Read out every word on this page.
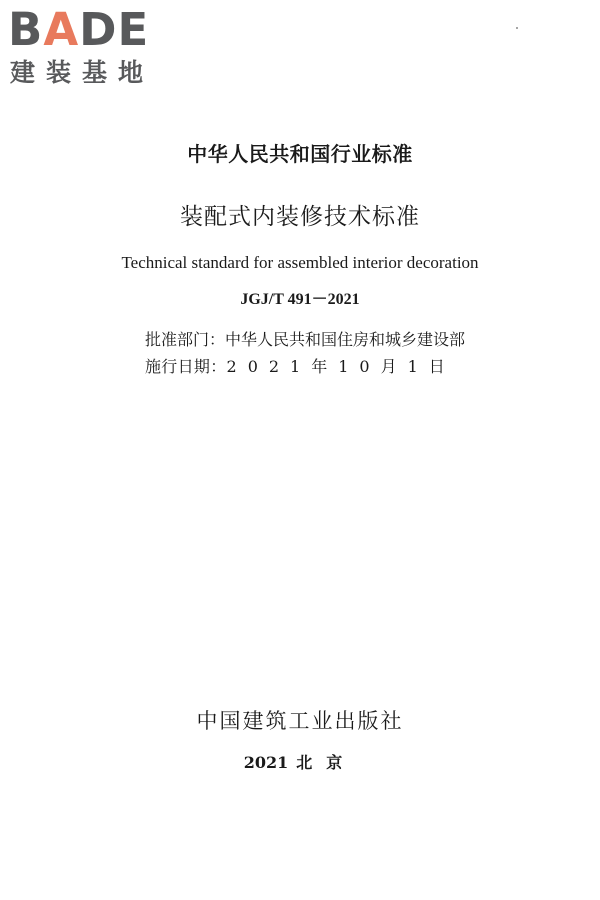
BADE
建装基地
中华人民共和国行业标准
装配式内装修技术标准
Technical standard for assembled interior decoration
JGJ/T 491－2021
批准部门：中华人民共和国住房和城乡建设部
施行日期：2021年10月1日
中国建筑工业出版社
2021 北京
